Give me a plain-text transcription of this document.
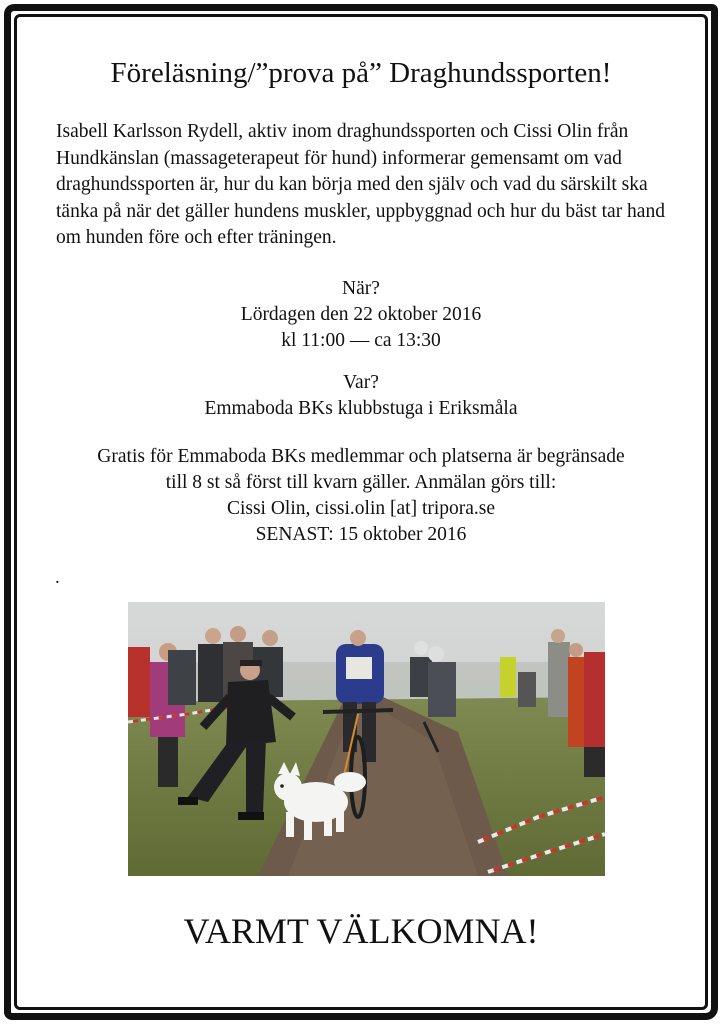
Föreläsning/”prova på” Draghundssporten!

Isabell Karlsson Rydell, aktiv inom draghundssporten och Cissi Olin från Hundkänslan (massageterapeut för hund) informerar gemensamt om vad draghundssporten är, hur du kan börja med den själv och vad du särskilt ska tänka på när det gäller hundens muskler, uppbyggnad och hur du bäst tar hand om hunden före och efter träningen.

När?
Lördagen den 22 oktober 2016
kl 11:00 — ca 13:30
Var?
Emmaboda BKs klubbstuga i Eriksmåla
Gratis för Emmaboda BKs medlemmar och platserna är begränsade
till 8 st så först till kvarn gäller. Anmälan görs till:
Cissi Olin, cissi.olin [at] tripora.se
SENAST: 15 oktober 2016
.
VARMT VÄLKOMNA!
